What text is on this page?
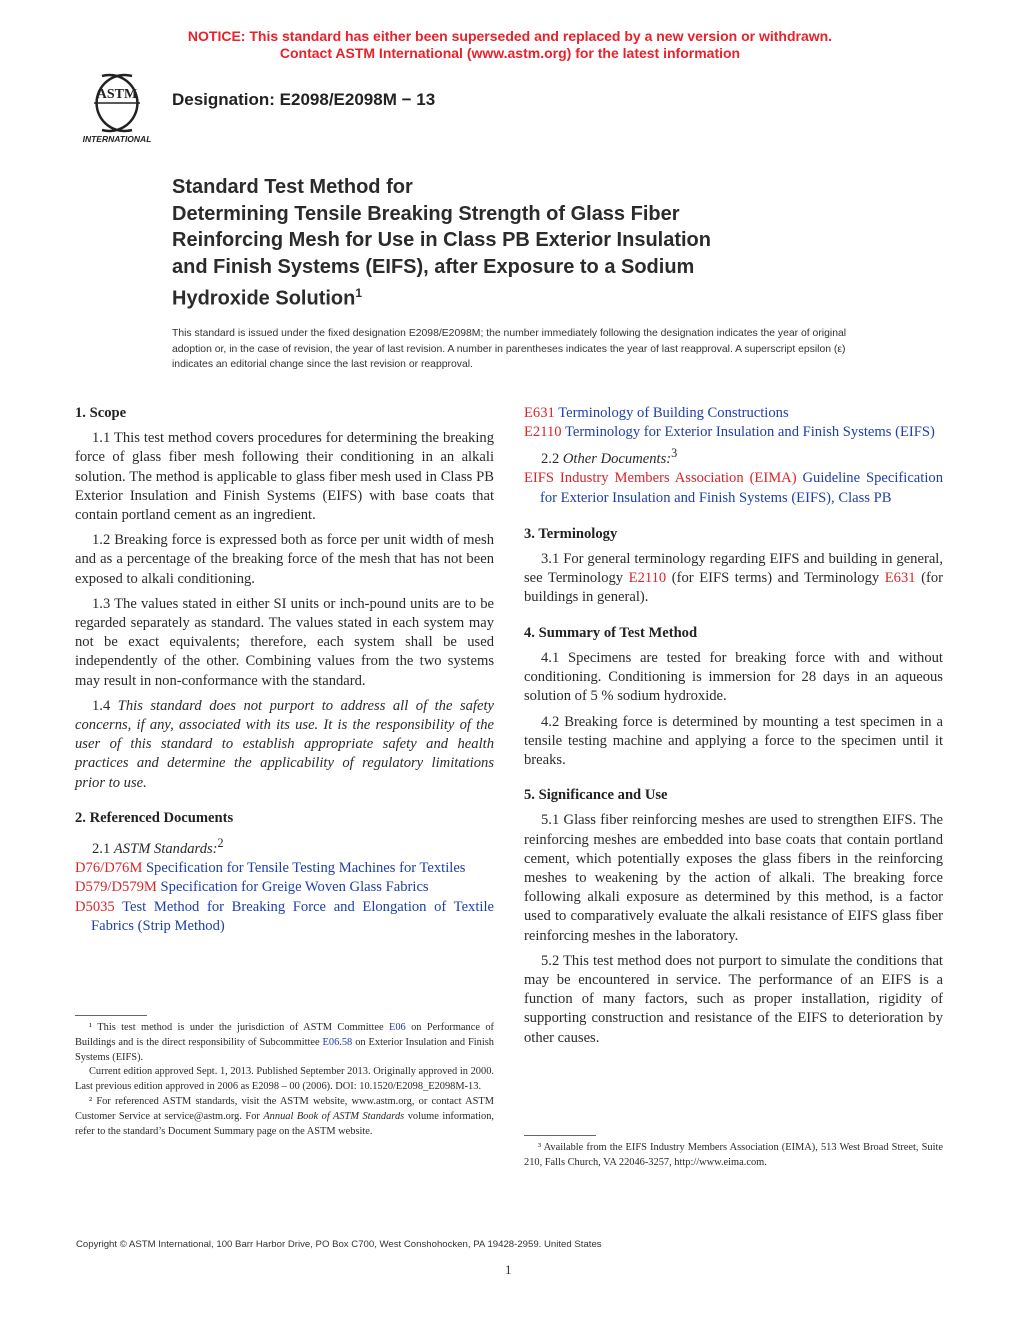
NOTICE: This standard has either been superseded and replaced by a new version or withdrawn.
Contact ASTM International (www.astm.org) for the latest information
ASTM
INTERNATIONAL
Designation: E2098/E2098M − 13
Standard Test Method for
Determining Tensile Breaking Strength of Glass Fiber
Reinforcing Mesh for Use in Class PB Exterior Insulation
and Finish Systems (EIFS), after Exposure to a Sodium
Hydroxide Solution$^1$
This standard is issued under the fixed designation E2098/E2098M; the number immediately following the designation indicates the year of original adoption or, in the case of revision, the year of last revision. A number in parentheses indicates the year of last reapproval. A superscript epsilon (ε) indicates an editorial change since the last revision or reapproval.

1. Scope

1.1 This test method covers procedures for determining the breaking force of glass fiber mesh following their conditioning in an alkali solution. The method is applicable to glass fiber mesh used in Class PB Exterior Insulation and Finish Systems (EIFS) with base coats that contain portland cement as an ingredient.

1.2 Breaking force is expressed both as force per unit width of mesh and as a percentage of the breaking force of the mesh that has not been exposed to alkali conditioning.

1.3 The values stated in either SI units or inch-pound units are to be regarded separately as standard. The values stated in each system may not be exact equivalents; therefore, each system shall be used independently of the other. Combining values from the two systems may result in non-conformance with the standard.

1.4 This standard does not purport to address all of the safety concerns, if any, associated with its use. It is the responsibility of the user of this standard to establish appropriate safety and health practices and determine the applicability of regulatory limitations prior to use.

2. Referenced Documents

2.1 ASTM Standards:$^2$

D76/D76M Specification for Tensile Testing Machines for Textiles

D579/D579M Specification for Greige Woven Glass Fabrics

D5035 Test Method for Breaking Force and Elongation of Textile Fabrics (Strip Method)

¹ This test method is under the jurisdiction of ASTM Committee E06 on Performance of Buildings and is the direct responsibility of Subcommittee E06.58 on Exterior Insulation and Finish Systems (EIFS).

Current edition approved Sept. 1, 2013. Published September 2013. Originally approved in 2000. Last previous edition approved in 2006 as E2098 – 00 (2006). DOI: 10.1520/E2098_E2098M-13.

² For referenced ASTM standards, visit the ASTM website, www.astm.org, or contact ASTM Customer Service at service@astm.org. For Annual Book of ASTM Standards volume information, refer to the standard’s Document Summary page on the ASTM website.

E631 Terminology of Building Constructions

E2110 Terminology for Exterior Insulation and Finish Systems (EIFS)

2.2 Other Documents:$^3$

EIFS Industry Members Association (EIMA) Guideline Specification for Exterior Insulation and Finish Systems (EIFS), Class PB

3. Terminology

3.1 For general terminology regarding EIFS and building in general, see Terminology E2110 (for EIFS terms) and Terminology E631 (for buildings in general).

4. Summary of Test Method

4.1 Specimens are tested for breaking force with and without conditioning. Conditioning is immersion for 28 days in an aqueous solution of 5 % sodium hydroxide.

4.2 Breaking force is determined by mounting a test specimen in a tensile testing machine and applying a force to the specimen until it breaks.

5. Significance and Use

5.1 Glass fiber reinforcing meshes are used to strengthen EIFS. The reinforcing meshes are embedded into base coats that contain portland cement, which potentially exposes the glass fibers in the reinforcing meshes to weakening by the action of alkali. The breaking force following alkali exposure as determined by this method, is a factor used to comparatively evaluate the alkali resistance of EIFS glass fiber reinforcing meshes in the laboratory.

5.2 This test method does not purport to simulate the conditions that may be encountered in service. The performance of an EIFS is a function of many factors, such as proper installation, rigidity of supporting construction and resistance of the EIFS to deterioration by other causes.

³ Available from the EIFS Industry Members Association (EIMA), 513 West Broad Street, Suite 210, Falls Church, VA 22046-3257, http://www.eima.com.

Copyright © ASTM International, 100 Barr Harbor Drive, PO Box C700, West Conshohocken, PA 19428-2959. United States
1
